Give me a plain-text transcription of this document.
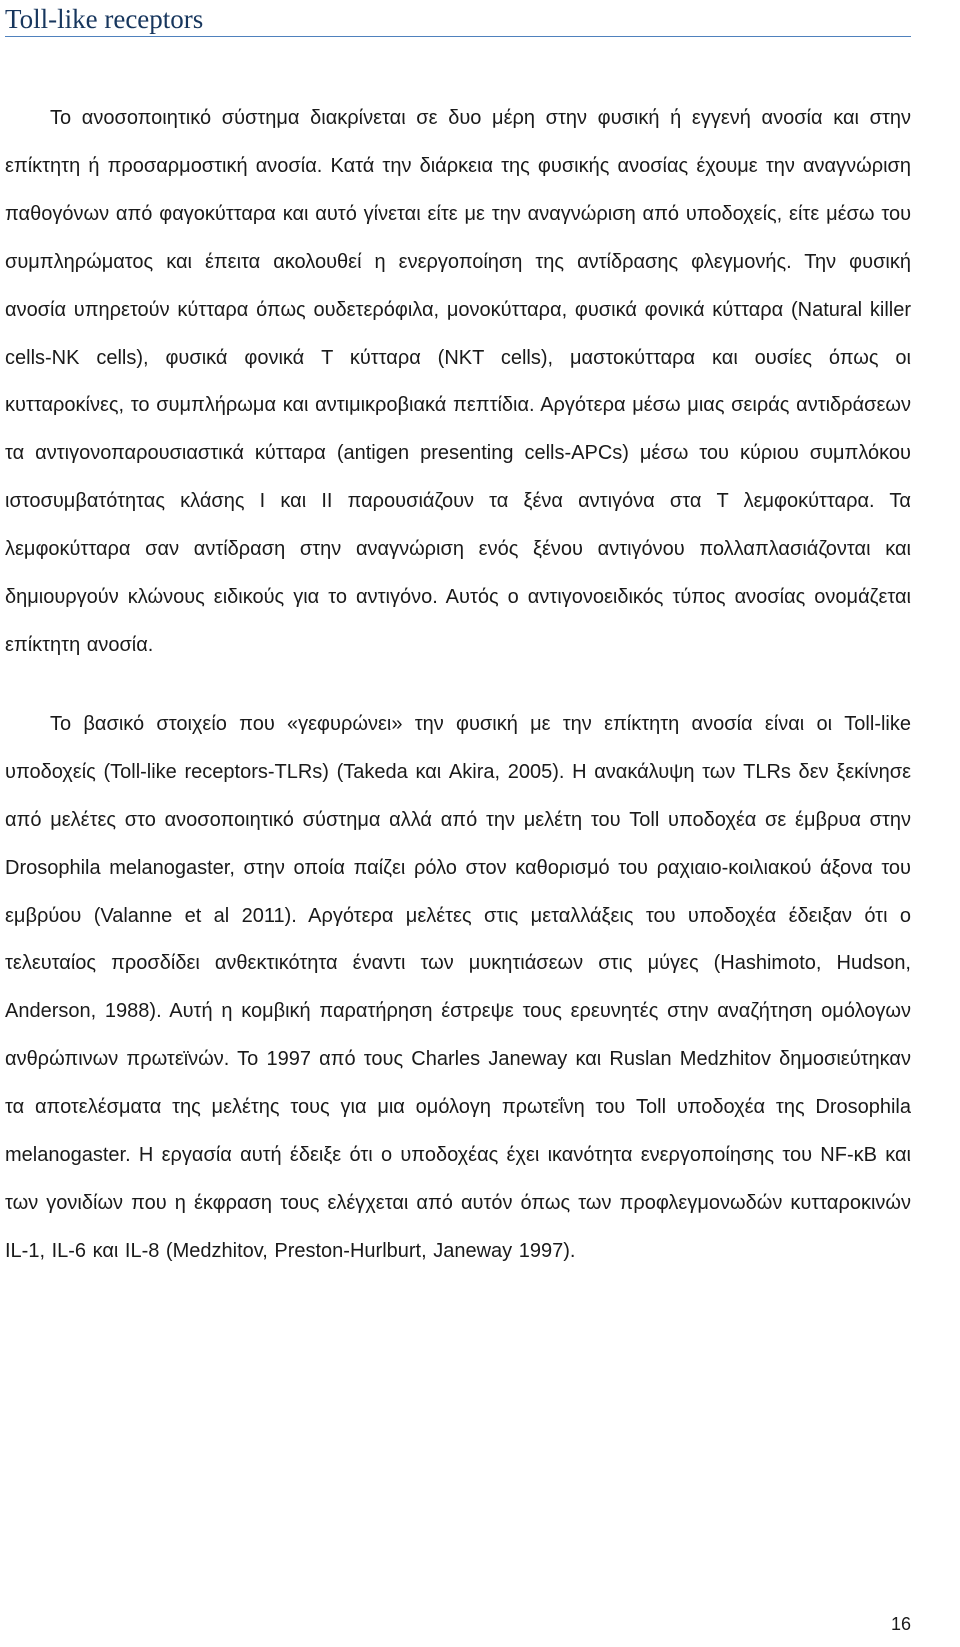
Toll-like receptors

Το ανοσοποιητικό σύστημα διακρίνεται σε δυο μέρη στην φυσική ή εγγενή ανοσία και στην επίκτητη ή προσαρμοστική ανοσία. Κατά την διάρκεια της φυσικής ανοσίας έχουμε την αναγνώριση παθογόνων από φαγοκύτταρα και αυτό γίνεται είτε με την αναγνώριση από υποδοχείς, είτε μέσω του συμπληρώματος και έπειτα ακολουθεί η ενεργοποίηση της αντίδρασης φλεγμονής. Την φυσική ανοσία υπηρετούν κύτταρα όπως ουδετερόφιλα, μονοκύτταρα, φυσικά φονικά κύτταρα (Natural killer cells-NK cells), φυσικά φονικά T κύτταρα (NKT cells), μαστοκύτταρα και ουσίες όπως οι κυτταροκίνες, το συμπλήρωμα και αντιμικροβιακά πεπτίδια. Αργότερα μέσω μιας σειράς αντιδράσεων τα αντιγονοπαρουσιαστικά κύτταρα (antigen presenting cells-APCs) μέσω του κύριου συμπλόκου ιστοσυμβατότητας κλάσης I και II παρουσιάζουν τα ξένα αντιγόνα στα T λεμφοκύτταρα. Τα λεμφοκύτταρα σαν αντίδραση στην αναγνώριση ενός ξένου αντιγόνου πολλαπλασιάζονται και δημιουργούν κλώνους ειδικούς για το αντιγόνο. Αυτός ο αντιγονοειδικός τύπος ανοσίας ονομάζεται επίκτητη ανοσία.

Το βασικό στοιχείο που «γεφυρώνει» την φυσική με την επίκτητη ανοσία είναι οι Toll-like υποδοχείς (Toll-like receptors-TLRs) (Takeda και Akira, 2005). Η ανακάλυψη των TLRs δεν ξεκίνησε από μελέτες στο ανοσοποιητικό σύστημα αλλά από την μελέτη του Toll υποδοχέα σε έμβρυα στην Drosophila melanogaster, στην οποία παίζει ρόλο στον καθορισμό του ραχιαιο-κοιλιακού άξονα του εμβρύου (Valanne et al 2011). Αργότερα μελέτες στις μεταλλάξεις του υποδοχέα έδειξαν ότι ο τελευταίος προσδίδει ανθεκτικότητα έναντι των μυκητιάσεων στις μύγες (Hashimoto, Hudson, Anderson, 1988). Αυτή η κομβική παρατήρηση έστρεψε τους ερευνητές στην αναζήτηση ομόλογων ανθρώπινων πρωτεϊνών. Το 1997 από τους Charles Janeway και Ruslan Medzhitov δημοσιεύτηκαν τα αποτελέσματα της μελέτης τους για μια ομόλογη πρωτεΐνη του Toll υποδοχέα της Drosophila melanogaster. Η εργασία αυτή έδειξε ότι ο υποδοχέας έχει ικανότητα ενεργοποίησης του NF-κB και των γονιδίων που η έκφραση τους ελέγχεται από αυτόν όπως των προφλεγμονωδών κυτταροκινών IL-1, IL-6 και IL-8 (Medzhitov, Preston-Hurlburt, Janeway 1997).

16
